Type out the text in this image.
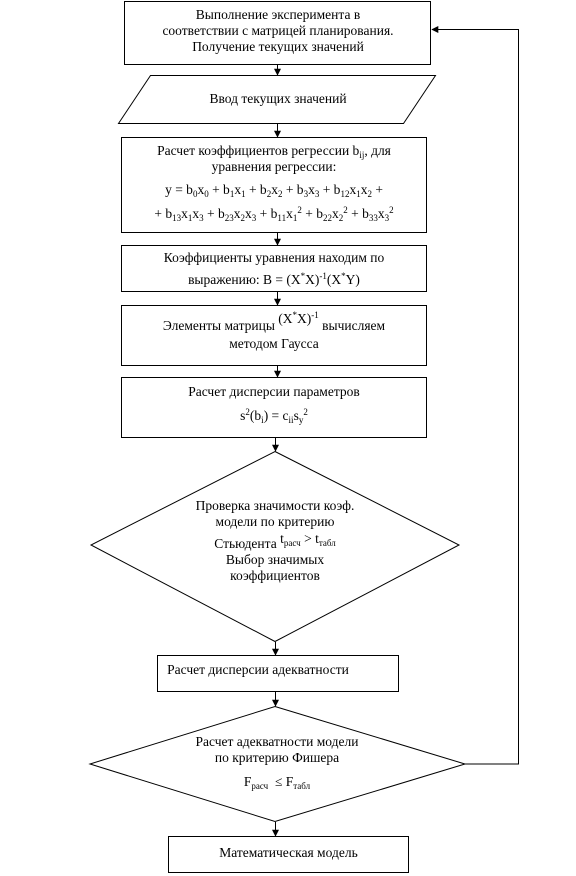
Выполнение эксперимента в
соответствии с матрицей планирования.
Получение текущих значений
Ввод текущих значений
Расчет коэффициентов регрессии $b_{ij}$, для
уравнения регрессии:
$y = b_0x_0 + b_1x_1 + b_2x_2 + b_3x_3 + b_{12}x_1x_2$ +
+ $b_{13}x_1x_3 + b_{23}x_2x_3 + b_{11}x_1^2 + b_{22}x_2^2 + b_{33}x_3^2$
Коэффициенты уравнения находим по
выражению: $B = (X^*X)^{-1}(X^*Y)$
Элементы матрицы $(X^*X)^{-1}$ вычисляем
методом Гаусса
Расчет дисперсии параметров
$s^2(b_i) = c_{ii}s_y^2$
Проверка значимости коэф.
модели по критерию
Стьюдента $t_{расч} > t_{табл}$
Выбор значимых
коэффициентов
Расчет дисперсии адекватности
Расчет адекватности модели
по критерию Фишера
$F_{расч} \le F_{табл}$
Математическая модель
